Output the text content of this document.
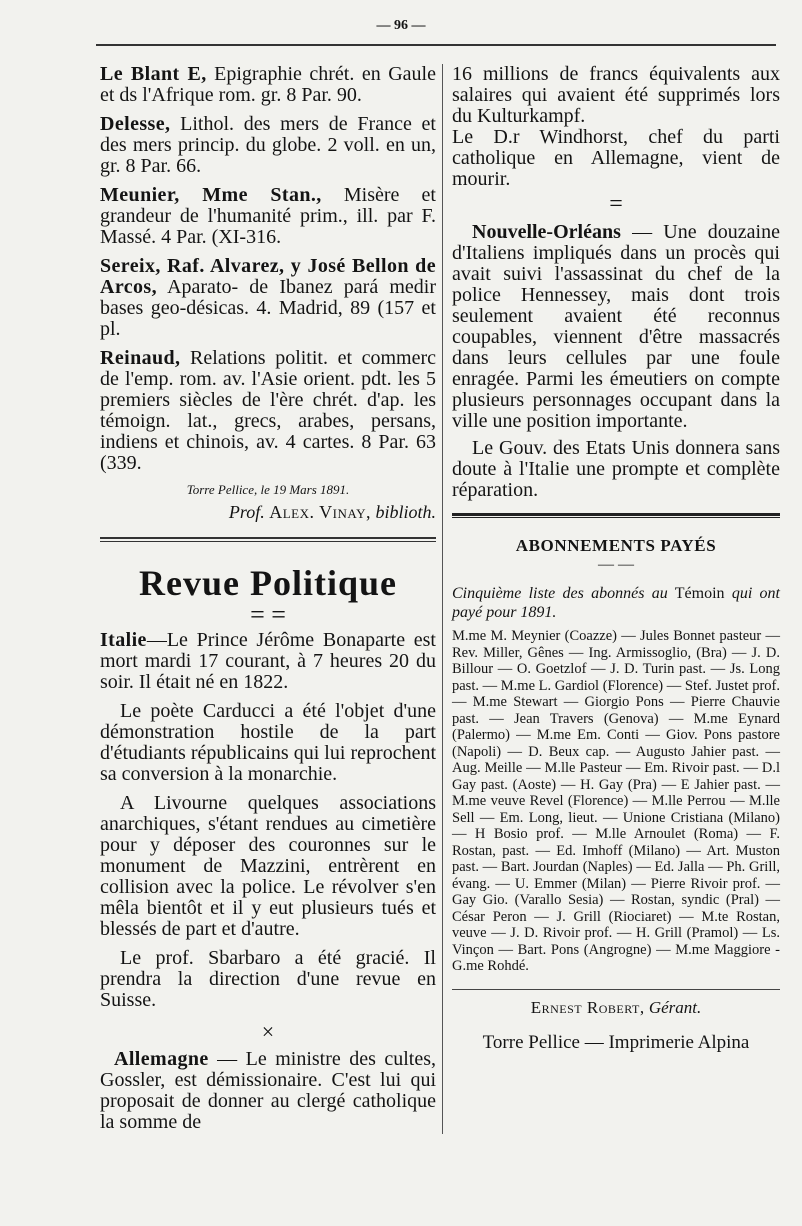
— 96 —

Le Blant E, Epigraphie chrét. en Gaule et ds l'Afrique rom. gr. 8 Par. 90.

Delesse, Lithol. des mers de France et des mers princip. du globe. 2 voll. en un, gr. 8 Par. 66.

Meunier, Mme Stan., Misère et grandeur de l'humanité prim., ill. par F. Massé. 4 Par. (XI-316.

Sereix, Raf. Alvarez, y José Bellon de Arcos, Aparato- de Ibanez pará medir bases geo-désicas. 4. Madrid, 89 (157 et pl.

Reinaud, Relations politit. et commerc de l'emp. rom. av. l'Asie orient. pdt. les 5 premiers siècles de l'ère chrét. d'ap. les témoign. lat., grecs, arabes, persans, indiens et chinois, av. 4 cartes. 8 Par. 63 (339.

Torre Pellice, le 19 Mars 1891.
Prof. Alex. Vinay, biblioth.
Revue Politique
= =

Italie—Le Prince Jérôme Bonaparte est mort mardi 17 courant, à 7 heures 20 du soir. Il était né en 1822.

Le poète Carducci a été l'objet d'une démonstration hostile de la part d'étudiants républicains qui lui reprochent sa conversion à la monarchie.

A Livourne quelques associations anarchiques, s'étant rendues au cimetière pour y déposer des couronnes sur le monument de Mazzini, entrèrent en collision avec la police. Le révolver s'en mêla bientôt et il y eut plusieurs tués et blessés de part et d'autre.

Le prof. Sbarbaro a été gracié. Il prendra la direction d'une revue en Suisse.

×

Allemagne — Le ministre des cultes, Gossler, est démissionaire. C'est lui qui proposait de donner au clergé catholique la somme de

16 millions de francs équivalents aux salaires qui avaient été supprimés lors du Kulturkampf.

Le D.r Windhorst, chef du parti catholique en Allemagne, vient de mourir.

=

Nouvelle-Orléans — Une douzaine d'Italiens impliqués dans un procès qui avait suivi l'assassinat du chef de la police Hennessey, mais dont trois seulement avaient été reconnus coupables, viennent d'être massacrés dans leurs cellules par une foule enragée. Parmi les émeutiers on compte plusieurs personnages occupant dans la ville une position importante.

Le Gouv. des Etats Unis donnera sans doute à l'Italie une prompte et complète réparation.

ABONNEMENTS PAYÉS
— —

Cinquième liste des abonnés au Témoin qui ont payé pour 1891.

M.me M. Meynier (Coazze) — Jules Bonnet pasteur — Rev. Miller, Gênes — Ing. Armissoglio, (Bra) — J. D. Billour — O. Goetzlof — J. D. Turin past. — Js. Long past. — M.me L. Gardiol (Florence) — Stef. Justet prof. — M.me Stewart — Giorgio Pons — Pierre Chauvie past. — Jean Travers (Genova) — M.me Eynard (Palermo) — M.me Em. Conti — Giov. Pons pastore (Napoli) — D. Beux cap. — Augusto Jahier past. — Aug. Meille — M.lle Pasteur — Em. Rivoir past. — D.l Gay past. (Aoste) — H. Gay (Pra) — E Jahier past. — M.me veuve Revel (Florence) — M.lle Perrou — M.lle Sell — Em. Long, lieut. — Unione Cristiana (Milano) — H Bosio prof. — M.lle Arnoulet (Roma) — F. Rostan, past. — Ed. Imhoff (Milano) — Art. Muston past. — Bart. Jourdan (Naples) — Ed. Jalla — Ph. Grill, évang. — U. Emmer (Milan) — Pierre Rivoir prof. — Gay Gio. (Varallo Sesia) — Rostan, syndic (Pral) — César Peron — J. Grill (Riociaret) — M.te Rostan, veuve — J. D. Rivoir prof. — H. Grill (Pramol) — Ls. Vinçon — Bart. Pons (Angrogne) — M.me Maggiore - G.me Rohdé.

Ernest Robert, Gérant.
Torre Pellice — Imprimerie Alpina
